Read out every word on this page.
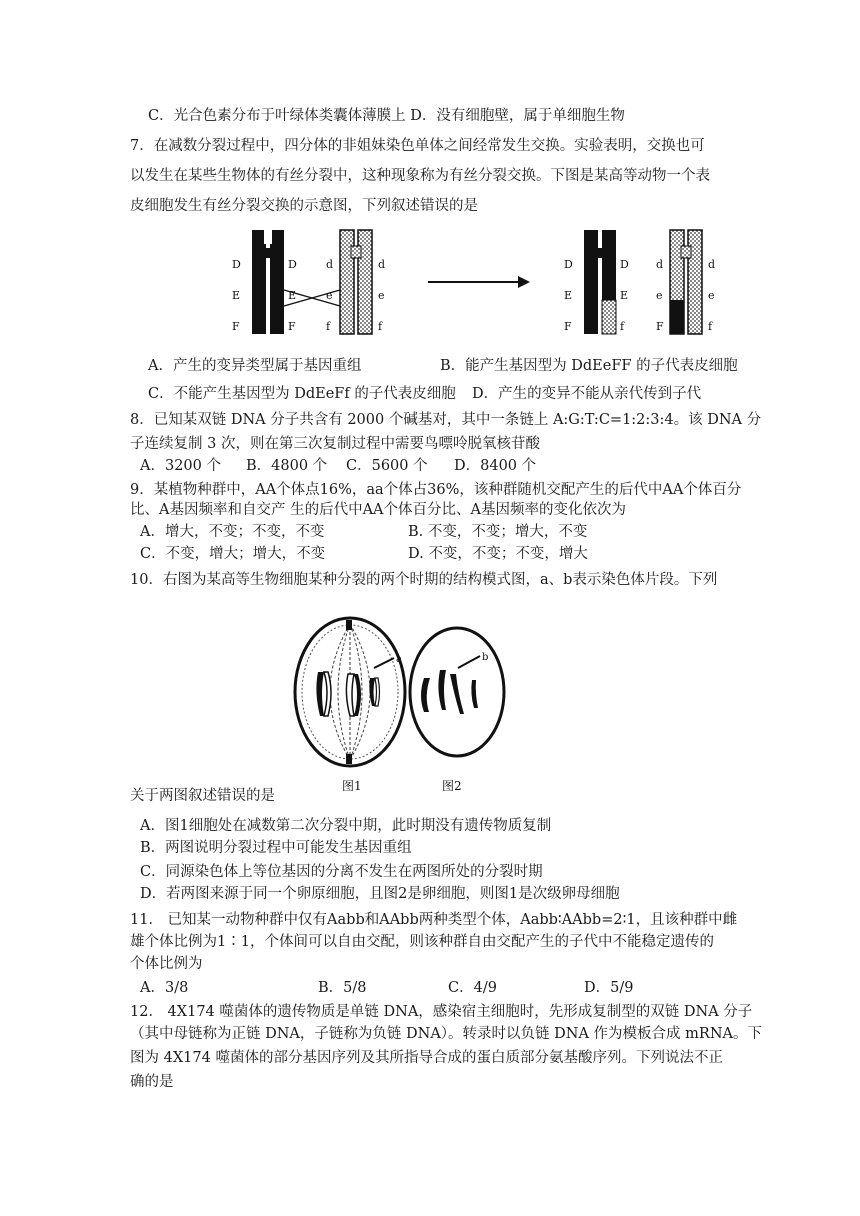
C．光合色素分布于叶绿体类囊体薄膜上 D．没有细胞壁，属于单细胞生物
7．在减数分裂过程中，四分体的非姐妹染色单体之间经常发生交换。实验表明，交换也可
以发生在某些生物体的有丝分裂中，这种现象称为有丝分裂交换。下图是某高等动物一个表
皮细胞发生有丝分裂交换的示意图，下列叙述错误的是
D
E
F
D
E
F
d
e
f
d
e
f
D
E
F
D
E
f
d
e
F
d
e
f
A．产生的变异类型属于基因重组	B．能产生基因型为 DdEeFF 的子代表皮细胞
C．不能产生基因型为 DdEeFf 的子代表皮细胞 D．产生的变异不能从亲代传到子代
8．已知某双链 DNA 分子共含有 2000 个碱基对，其中一条链上 A:G:T:C=1:2:3:4。该 DNA 分
子连续复制 3 次，则在第三次复制过程中需要鸟嘌呤脱氧核苷酸
A．3200 个 B．4800 个 C．5600 个 D．8400 个
9．某植物种群中，AA个体点16%，aa个体占36%，该种群随机交配产生的后代中AA个体百分
比、A基因频率和自交产 生的后代中AA个体百分比、A基因频率的变化依次为
A．增大，不变；不变，不变	B. 不变，不变；增大，不变
C．不变，增大；增大，不变	D. 不变，不变；不变，增大
10．右图为某高等生物细胞某种分裂的两个时期的结构模式图，a、b表示染色体片段。下列
a	b
图1	图2
关于两图叙述错误的是
A．图1细胞处在减数第二次分裂中期，此时期没有遗传物质复制
B．两图说明分裂过程中可能发生基因重组
C．同源染色体上等位基因的分离不发生在两图所处的分裂时期
D．若两图来源于同一个卵原细胞，且图2是卵细胞，则图1是次级卵母细胞
11． 已知某一动物种群中仅有Aabb和AAbb两种类型个体，Aabb∶AAbb=2∶1，且该种群中雌
雄个体比例为1∶1，个体间可以自由交配，则该种群自由交配产生的子代中不能稳定遗传的
个体比例为
A．3/8	B．5/8	C．4/9	D．5/9
12． 4X174 噬菌体的遗传物质是单链 DNA，感染宿主细胞时，先形成复制型的双链 DNA 分子
（其中母链称为正链 DNA，子链称为负链 DNA）。转录时以负链 DNA 作为模板合成 mRNA。下
图为 4X174 噬菌体的部分基因序列及其所指导合成的蛋白质部分氨基酸序列。下列说法不正
确的是
